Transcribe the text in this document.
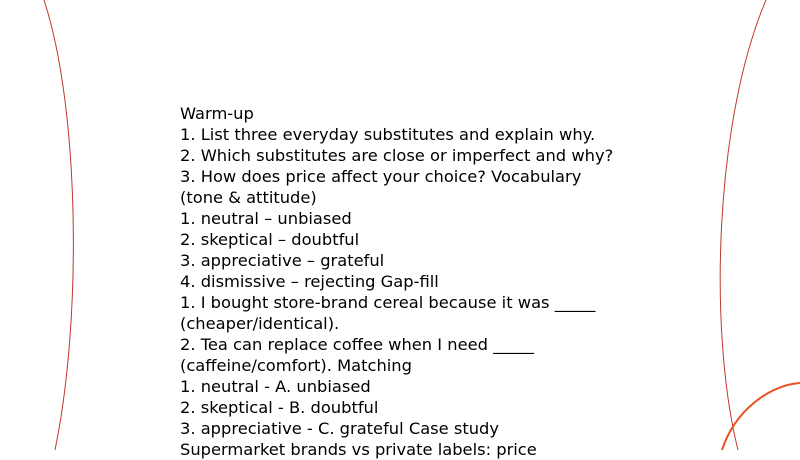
Warm-up
1. List three everyday substitutes and explain why.
2. Which substitutes are close or imperfect and why?
3. How does price affect your choice? Vocabulary
(tone & attitude)
1. neutral – unbiased
2. skeptical – doubtful
3. appreciative – grateful
4. dismissive – rejecting Gap-fill
1. I bought store-brand cereal because it was _____
(cheaper/identical).
2. Tea can replace coffee when I need _____
(caffeine/comfort). Matching
1. neutral - A. unbiased
2. skeptical - B. doubtful
3. appreciative - C. grateful Case study
Supermarket brands vs private labels: price
